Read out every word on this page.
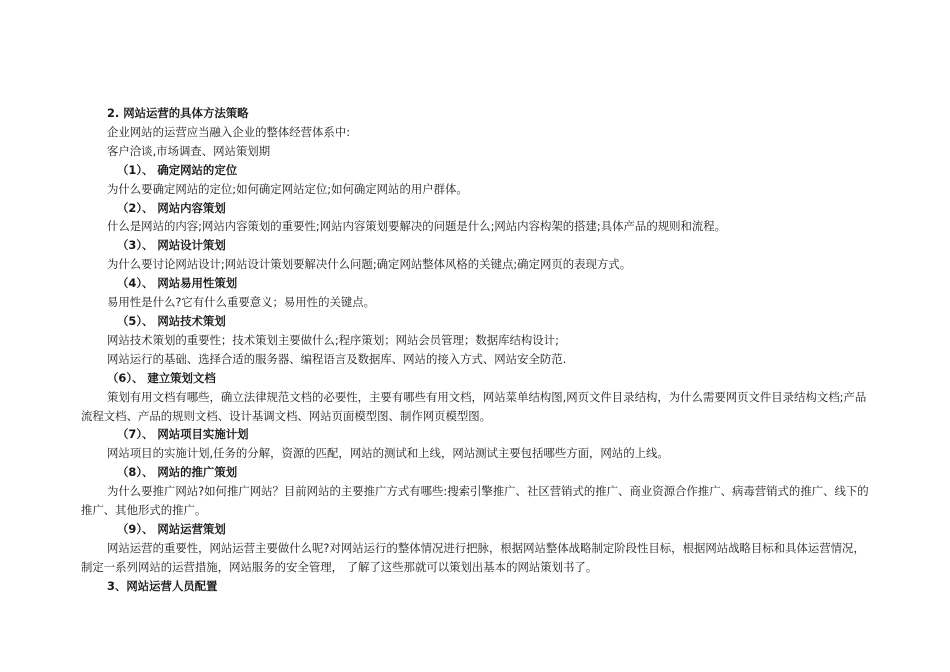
2. 网站运营的具体方法策略

企业网站的运营应当融入企业的整体经营体系中:

客户洽谈,市场调查、网站策划期

（1）、 确定网站的定位

为什么要确定网站的定位;如何确定网站定位;如何确定网站的用户群体。

（2）、 网站内容策划

什么是网站的内容;网站内容策划的重要性;网站内容策划要解决的问题是什么;网站内容构架的搭建;具体产品的规则和流程。

（3）、 网站设计策划

为什么要讨论网站设计;网站设计策划要解决什么问题;确定网站整体风格的关键点;确定网页的表现方式。

（4）、 网站易用性策划

易用性是什么?它有什么重要意义；易用性的关键点。

（5）、 网站技术策划

网站技术策划的重要性；技术策划主要做什么;程序策划；网站会员管理；数据库结构设计;

网站运行的基础、选择合适的服务器、编程语言及数据库、网站的接入方式、网站安全防范.

（6）、 建立策划文档

策划有用文档有哪些，确立法律规范文档的必要性，主要有哪些有用文档，网站菜单结构图,网页文件目录结构，为什么需要网页文件目录结构文档;产品流程文档、产品的规则文档、设计基调文档、网站页面模型图、制作网页模型图。

（7）、 网站项目实施计划

网站项目的实施计划,任务的分解，资源的匹配，网站的测试和上线，网站测试主要包括哪些方面，网站的上线。

（8）、 网站的推广策划

为什么要推广网站?如何推广网站？目前网站的主要推广方式有哪些:搜索引擎推广、社区营销式的推广、商业资源合作推广、病毒营销式的推广、线下的推广、其他形式的推广。

（9）、 网站运营策划

网站运营的重要性，网站运营主要做什么呢?对网站运行的整体情况进行把脉，根据网站整体战略制定阶段性目标，根据网站战略目标和具体运营情况，制定一系列网站的运营措施，网站服务的安全管理， 了解了这些那就可以策划出基本的网站策划书了。

3、网站运营人员配置
